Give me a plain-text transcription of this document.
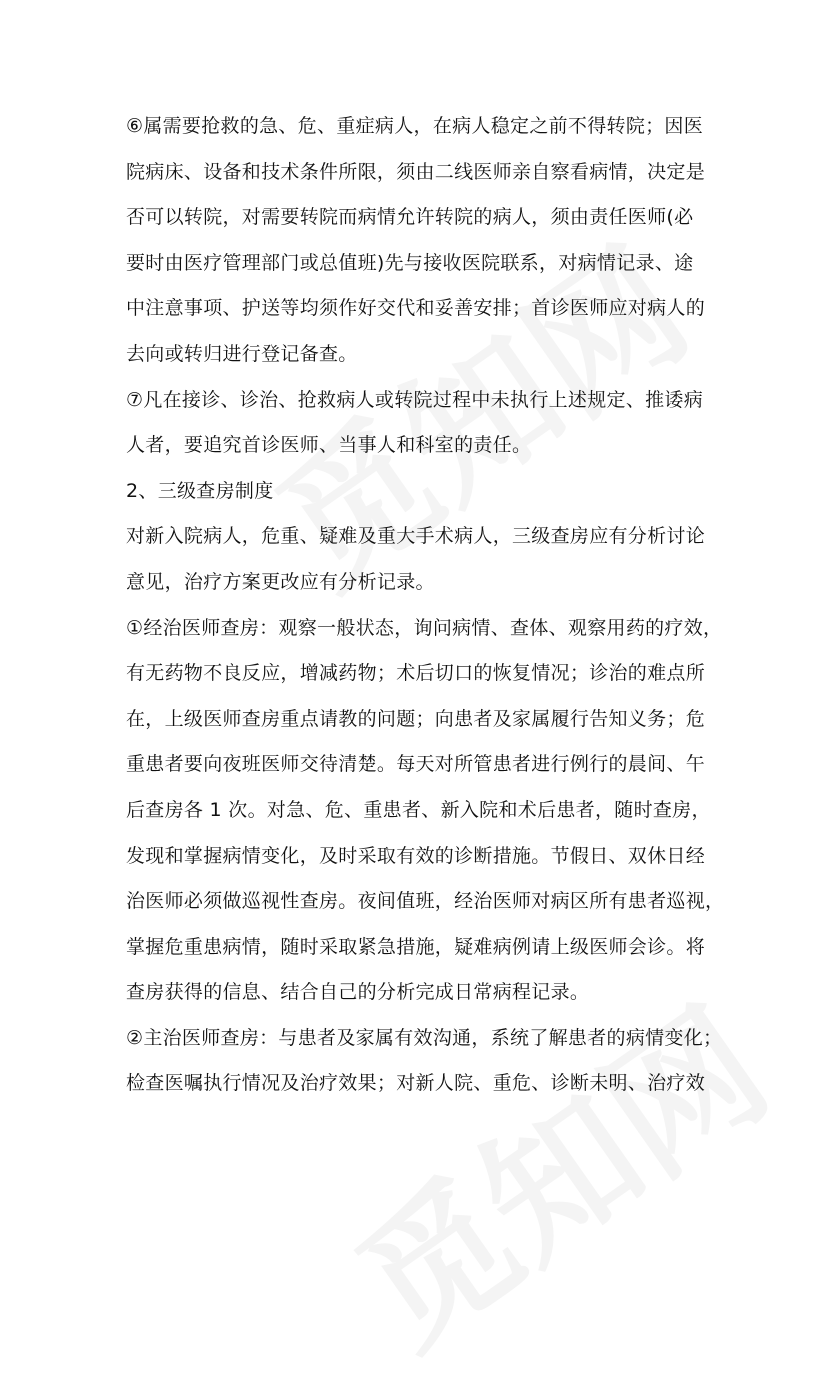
⑥属需要抢救的急、危、重症病人，在病人稳定之前不得转院；因医
院病床、设备和技术条件所限，须由二线医师亲自察看病情，决定是
否可以转院，对需要转院而病情允许转院的病人，须由责任医师(必
要时由医疗管理部门或总值班)先与接收医院联系，对病情记录、途
中注意事项、护送等均须作好交代和妥善安排；首诊医师应对病人的
去向或转归进行登记备查。
⑦凡在接诊、诊治、抢救病人或转院过程中未执行上述规定、推诿病
人者，要追究首诊医师、当事人和科室的责任。
2、三级查房制度
对新入院病人，危重、疑难及重大手术病人，三级查房应有分析讨论
意见，治疗方案更改应有分析记录。
①经治医师查房：观察一般状态，询问病情、查体、观察用药的疗效，
有无药物不良反应，增减药物；术后切口的恢复情况；诊治的难点所
在，上级医师查房重点请教的问题；向患者及家属履行告知义务；危
重患者要向夜班医师交待清楚。每天对所管患者进行例行的晨间、午
后查房各 1 次。对急、危、重患者、新入院和术后患者，随时查房，
发现和掌握病情变化，及时采取有效的诊断措施。节假日、双休日经
治医师必须做巡视性查房。夜间值班，经治医师对病区所有患者巡视，
掌握危重患病情，随时采取紧急措施，疑难病例请上级医师会诊。将
查房获得的信息、结合自己的分析完成日常病程记录。
②主治医师查房：与患者及家属有效沟通，系统了解患者的病情变化；
检查医嘱执行情况及治疗效果；对新人院、重危、诊断未明、治疗效
